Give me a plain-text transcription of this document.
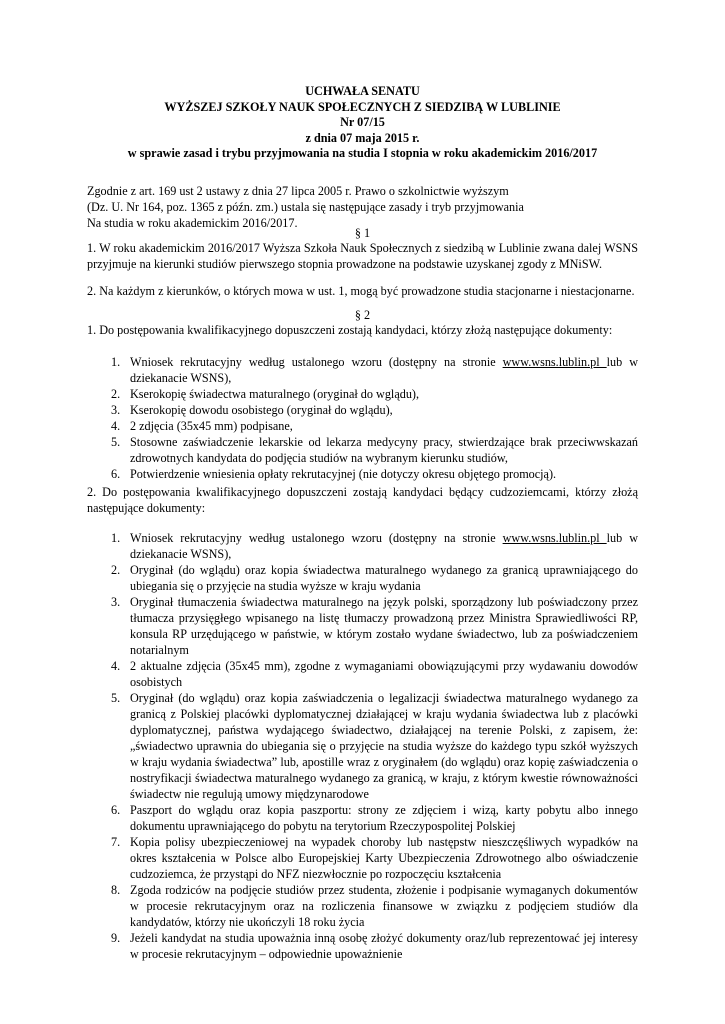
UCHWAŁA SENATU
WYŻSZEJ SZKOŁY NAUK SPOŁECZNYCH Z SIEDZIBĄ W LUBLINIE
Nr 07/15
z dnia 07 maja 2015 r.
w sprawie zasad i trybu przyjmowania na studia I stopnia w roku akademickim 2016/2017
Zgodnie z art. 169 ust 2 ustawy z dnia 27 lipca 2005 r. Prawo o szkolnictwie wyższym
(Dz. U. Nr 164, poz. 1365 z późn. zm.) ustala się następujące zasady i tryb przyjmowania
Na studia w roku akademickim 2016/2017.
§ 1
1. W roku akademickim 2016/2017 Wyższa Szkoła Nauk Społecznych z siedzibą w Lublinie zwana dalej WSNS przyjmuje na kierunki studiów pierwszego stopnia prowadzone na podstawie uzyskanej zgody z MNiSW.
2. Na każdym z kierunków, o których mowa w ust. 1, mogą być prowadzone studia stacjonarne i niestacjonarne.
§ 2
1. Do postępowania kwalifikacyjnego dopuszczeni zostają kandydaci, którzy złożą następujące dokumenty:
1. Wniosek rekrutacyjny według ustalonego wzoru (dostępny na stronie www.wsns.lublin.pl lub w dziekanacie WSNS),
2. Kserokopię świadectwa maturalnego (oryginał do wglądu),
3. Kserokopię dowodu osobistego (oryginał do wglądu),
4. 2 zdjęcia (35x45 mm) podpisane,
5. Stosowne zaświadczenie lekarskie od lekarza medycyny pracy, stwierdzające brak przeciwwskazań zdrowotnych kandydata do podjęcia studiów na wybranym kierunku studiów,
6. Potwierdzenie wniesienia opłaty rekrutacyjnej (nie dotyczy okresu objętego promocją).
2. Do postępowania kwalifikacyjnego dopuszczeni zostają kandydaci będący cudzoziemcami, którzy złożą następujące dokumenty:
1. Wniosek rekrutacyjny według ustalonego wzoru (dostępny na stronie www.wsns.lublin.pl lub w dziekanacie WSNS),
2. Oryginał (do wglądu) oraz kopia świadectwa maturalnego wydanego za granicą uprawniającego do ubiegania się o przyjęcie na studia wyższe w kraju wydania
3. Oryginał tłumaczenia świadectwa maturalnego na język polski, sporządzony lub poświadczony przez tłumacza przysięgłego wpisanego na listę tłumaczy prowadzoną przez Ministra Sprawiedliwości RP, konsula RP urzędującego w państwie, w którym zostało wydane świadectwo, lub za poświadczeniem notarialnym
4. 2 aktualne zdjęcia (35x45 mm), zgodne z wymaganiami obowiązującymi przy wydawaniu dowodów osobistych
5. Oryginał (do wglądu) oraz kopia zaświadczenia o legalizacji świadectwa maturalnego wydanego za granicą z Polskiej placówki dyplomatycznej działającej w kraju wydania świadectwa lub z placówki dyplomatycznej, państwa wydającego świadectwo, działającej na terenie Polski, z zapisem, że: „świadectwo uprawnia do ubiegania się o przyjęcie na studia wyższe do każdego typu szkół wyższych w kraju wydania świadectwa” lub, apostille wraz z oryginałem (do wglądu) oraz kopię zaświadczenia o nostryfikacji świadectwa maturalnego wydanego za granicą, w kraju, z którym kwestie równoważności świadectw nie regulują umowy międzynarodowe
6. Paszport do wglądu oraz kopia paszportu: strony ze zdjęciem i wizą, karty pobytu albo innego dokumentu uprawniającego do pobytu na terytorium Rzeczypospolitej Polskiej
7. Kopia polisy ubezpieczeniowej na wypadek choroby lub następstw nieszczęśliwych wypadków na okres kształcenia w Polsce albo Europejskiej Karty Ubezpieczenia Zdrowotnego albo oświadczenie cudzoziemca, że przystąpi do NFZ niezwłocznie po rozpoczęciu kształcenia
8. Zgoda rodziców na podjęcie studiów przez studenta, złożenie i podpisanie wymaganych dokumentów w procesie rekrutacyjnym oraz na rozliczenia finansowe w związku z podjęciem studiów dla kandydatów, którzy nie ukończyli 18 roku życia
9. Jeżeli kandydat na studia upoważnia inną osobę złożyć dokumenty oraz/lub reprezentować jej interesy w procesie rekrutacyjnym – odpowiednie upoważnienie
